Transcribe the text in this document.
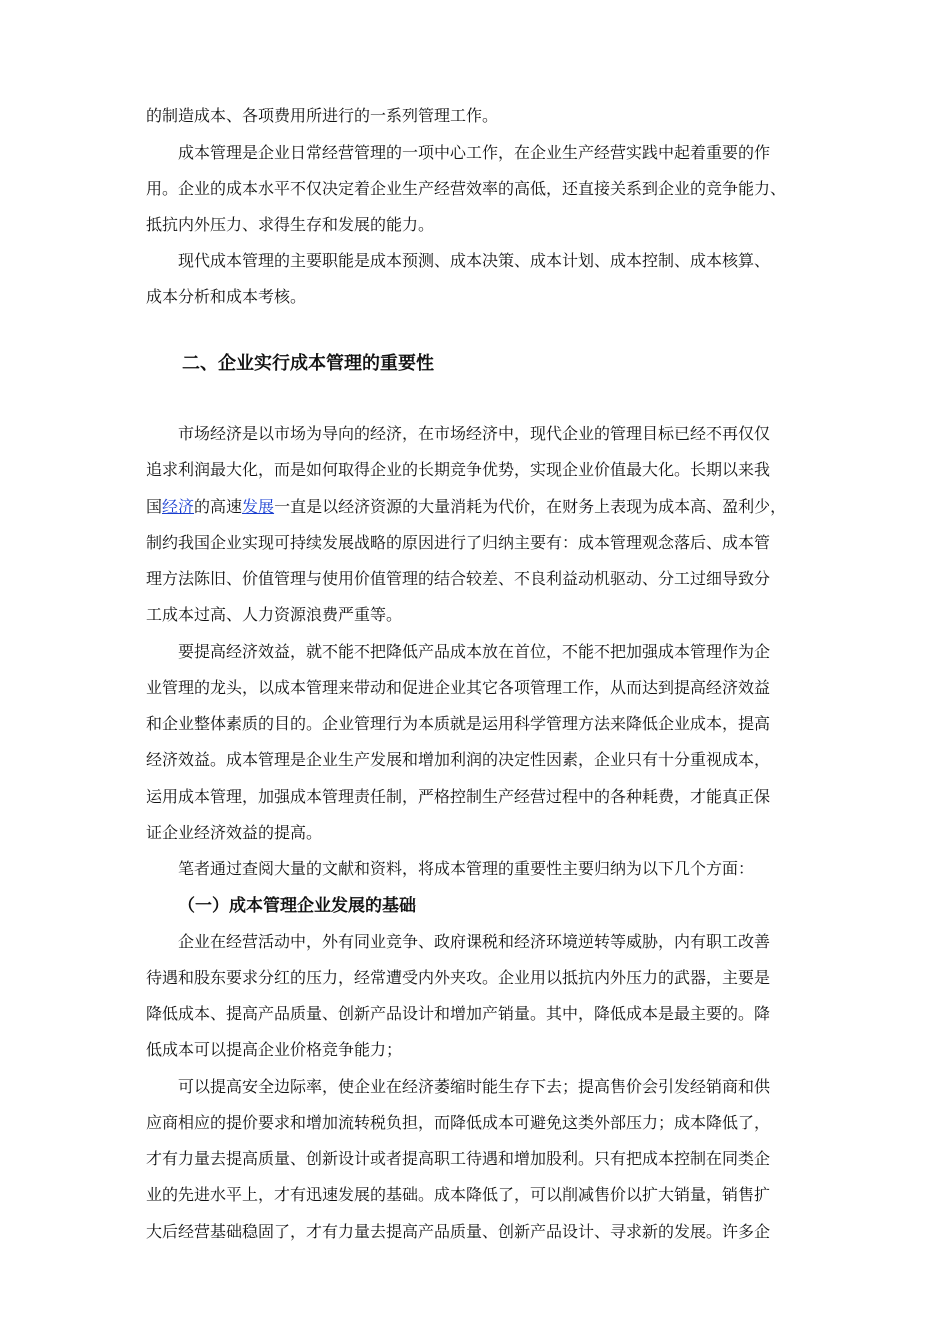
的制造成本、各项费用所进行的一系列管理工作。
成本管理是企业日常经营管理的一项中心工作，在企业生产经营实践中起着重要的作
用。企业的成本水平不仅决定着企业生产经营效率的高低，还直接关系到企业的竞争能力、
抵抗内外压力、求得生存和发展的能力。
现代成本管理的主要职能是成本预测、成本决策、成本计划、成本控制、成本核算、
成本分析和成本考核。
二、企业实行成本管理的重要性
市场经济是以市场为导向的经济，在市场经济中，现代企业的管理目标已经不再仅仅
追求利润最大化，而是如何取得企业的长期竞争优势，实现企业价值最大化。长期以来我
国经济的高速发展一直是以经济资源的大量消耗为代价，在财务上表现为成本高、盈利少，
制约我国企业实现可持续发展战略的原因进行了归纳主要有：成本管理观念落后、成本管
理方法陈旧、价值管理与使用价值管理的结合较差、不良利益动机驱动、分工过细导致分
工成本过高、人力资源浪费严重等。
要提高经济效益，就不能不把降低产品成本放在首位，不能不把加强成本管理作为企
业管理的龙头，以成本管理来带动和促进企业其它各项管理工作，从而达到提高经济效益
和企业整体素质的目的。企业管理行为本质就是运用科学管理方法来降低企业成本，提高
经济效益。成本管理是企业生产发展和增加利润的决定性因素，企业只有十分重视成本，
运用成本管理，加强成本管理责任制，严格控制生产经营过程中的各种耗费，才能真正保
证企业经济效益的提高。
笔者通过查阅大量的文献和资料，将成本管理的重要性主要归纳为以下几个方面：
（一）成本管理企业发展的基础
企业在经营活动中，外有同业竞争、政府课税和经济环境逆转等威胁，内有职工改善
待遇和股东要求分红的压力，经常遭受内外夹攻。企业用以抵抗内外压力的武器，主要是
降低成本、提高产品质量、创新产品设计和增加产销量。其中，降低成本是最主要的。降
低成本可以提高企业价格竞争能力；
可以提高安全边际率，使企业在经济萎缩时能生存下去；提高售价会引发经销商和供
应商相应的提价要求和增加流转税负担，而降低成本可避免这类外部压力；成本降低了，
才有力量去提高质量、创新设计或者提高职工待遇和增加股利。只有把成本控制在同类企
业的先进水平上，才有迅速发展的基础。成本降低了，可以削减售价以扩大销量，销售扩
大后经营基础稳固了，才有力量去提高产品质量、创新产品设计、寻求新的发展。许多企
